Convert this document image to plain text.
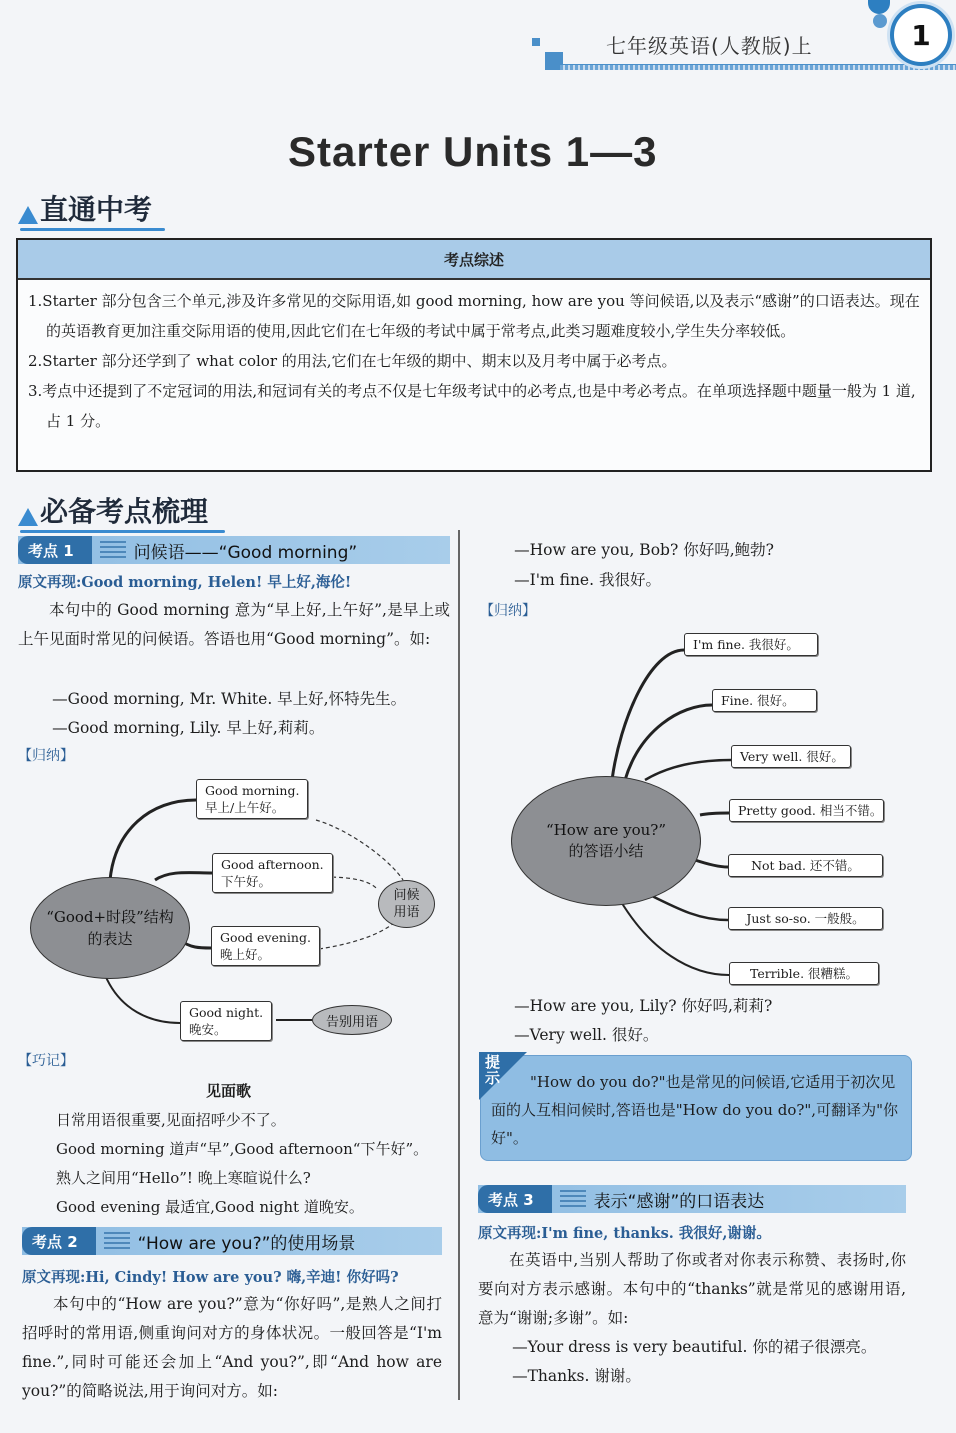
七年级英语(人教版)上	1
Starter Units 1—3
直通中考
考点综述
1.Starter 部分包含三个单元,涉及许多常见的交际用语,如 good morning, how are you 等问候语,以及表示“感谢”的口语表达。现在的英语教育更加注重交际用语的使用,因此它们在七年级的考试中属于常考点,此类习题难度较小,学生失分率较低。
2.Starter 部分还学到了 what color 的用法,它们在七年级的期中、期末以及月考中属于必考点。
3.考点中还提到了不定冠词的用法,和冠词有关的考点不仅是七年级考试中的必考点,也是中考必考点。在单项选择题中题量一般为 1 道,占 1 分。
必备考点梳理
考点 1	问候语——“Good morning”
原文再现:Good morning, Helen! 早上好,海伦!
本句中的 Good morning 意为“早上好,上午好”,是早上或上午见面时常见的问候语。答语也用“Good morning”。如:
—Good morning, Mr. White. 早上好,怀特先生。
—Good morning, Lily. 早上好,莉莉。
【归纳】
“Good+时段”结构的表达
Good morning.
早上/上午好。
Good afternoon.
下午好。
Good evening.
晚上好。
Good night.
晚安。
问候用语
告别用语
【巧记】
见面歌
日常用语很重要,见面招呼少不了。
Good morning 道声“早”,Good afternoon“下午好”。
熟人之间用“Hello”! 晚上寒暄说什么?
Good evening 最适宜,Good night 道晚安。
考点 2	“How are you?”的使用场景
原文再现:Hi, Cindy! How are you? 嗨,辛迪! 你好吗?
本句中的“How are you?”意为“你好吗”,是熟人之间打招呼时的常用语,侧重询问对方的身体状况。一般回答是“I'm fine.”,同时可能还会加上“And you?”,即“And how are you?”的简略说法,用于询问对方。如:
—How are you, Bob? 你好吗,鲍勃?
—I'm fine. 我很好。
【归纳】
“How are you?”
的答语小结
I'm fine. 我很好。
Fine. 很好。
Very well. 很好。
Pretty good. 相当不错。
Not bad. 还不错。
Just so-so. 一般般。
Terrible. 很糟糕。
—How are you, Lily? 你好吗,莉莉?
—Very well. 很好。
提示	"How do you do?"也是常见的问候语,它适用于初次见面的人互相问候时,答语也是"How do you do?",可翻译为"你好"。
考点 3	表示“感谢”的口语表达
原文再现:I'm fine, thanks. 我很好,谢谢。
在英语中,当别人帮助了你或者对你表示称赞、表扬时,你要向对方表示感谢。本句中的“thanks”就是常见的感谢用语,意为“谢谢;多谢”。如:
—Your dress is very beautiful. 你的裙子很漂亮。
—Thanks. 谢谢。
